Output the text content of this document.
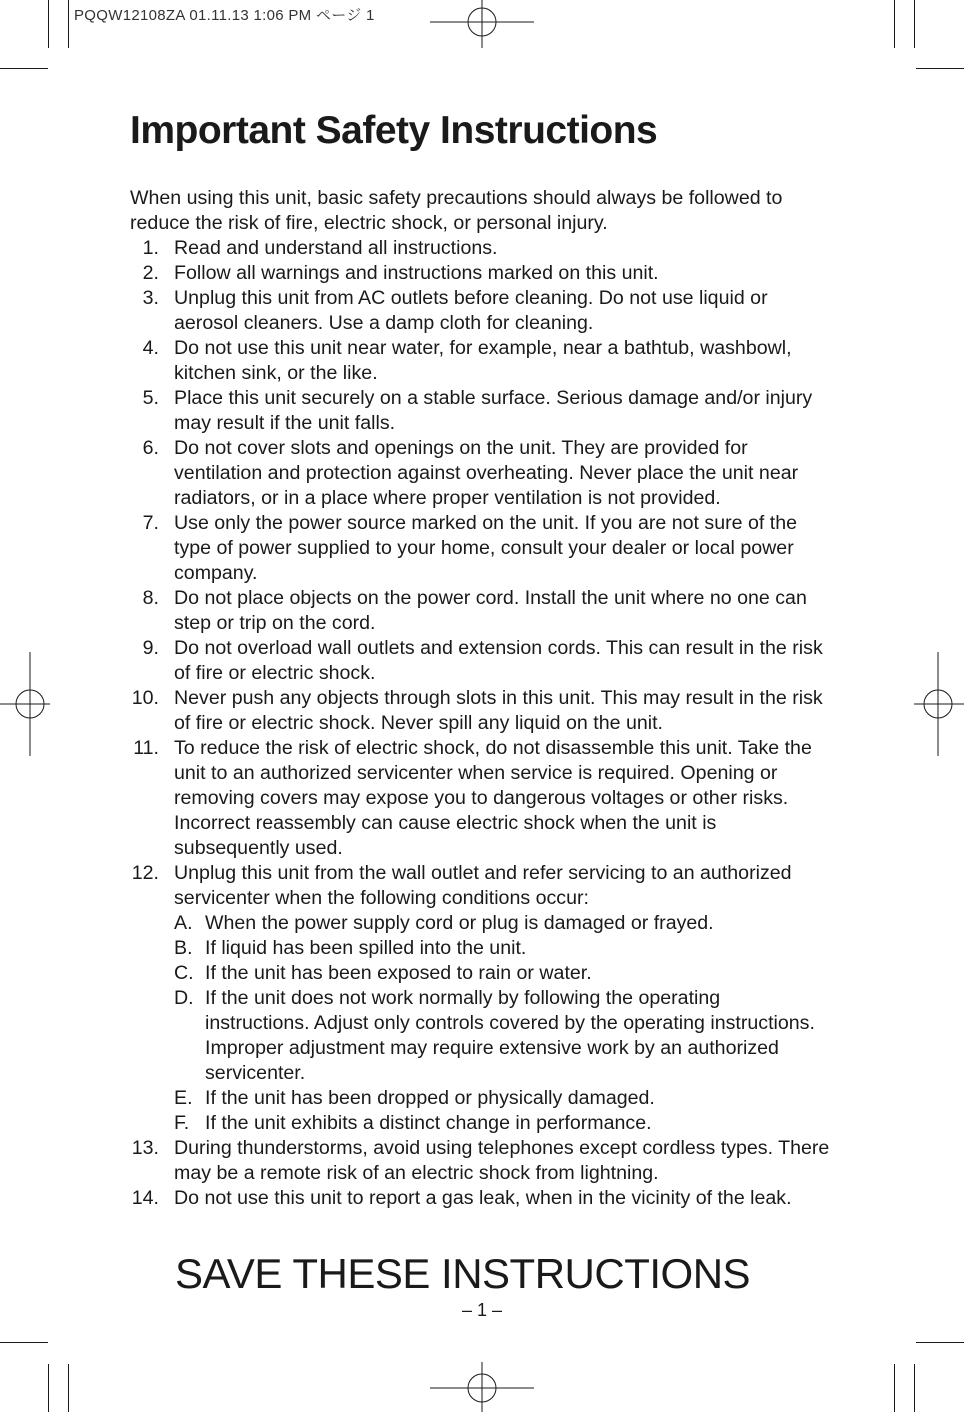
PQQW12108ZA 01.11.13 1:06 PM ページ 1
Important Safety Instructions

When using this unit, basic safety precautions should always be followed to reduce the risk of fire, electric shock, or personal injury.

1. Read and understand all instructions.
2. Follow all warnings and instructions marked on this unit.
3. Unplug this unit from AC outlets before cleaning. Do not use liquid or aerosol cleaners. Use a damp cloth for cleaning.
4. Do not use this unit near water, for example, near a bathtub, washbowl, kitchen sink, or the like.
5. Place this unit securely on a stable surface. Serious damage and/or injury may result if the unit falls.
6. Do not cover slots and openings on the unit. They are provided for ventilation and protection against overheating. Never place the unit near radiators, or in a place where proper ventilation is not provided.
7. Use only the power source marked on the unit. If you are not sure of the type of power supplied to your home, consult your dealer or local power company.
8. Do not place objects on the power cord. Install the unit where no one can step or trip on the cord.
9. Do not overload wall outlets and extension cords. This can result in the risk of fire or electric shock.
10. Never push any objects through slots in this unit. This may result in the risk of fire or electric shock. Never spill any liquid on the unit.
11. To reduce the risk of electric shock, do not disassemble this unit. Take the unit to an authorized servicenter when service is required. Opening or removing covers may expose you to dangerous voltages or other risks. Incorrect reassembly can cause electric shock when the unit is subsequently used.
12. Unplug this unit from the wall outlet and refer servicing to an authorized servicenter when the following conditions occur:
A. When the power supply cord or plug is damaged or frayed.
B. If liquid has been spilled into the unit.
C. If the unit has been exposed to rain or water.
D. If the unit does not work normally by following the operating instructions. Adjust only controls covered by the operating instructions. Improper adjustment may require extensive work by an authorized servicenter.
E. If the unit has been dropped or physically damaged.
F. If the unit exhibits a distinct change in performance.
13. During thunderstorms, avoid using telephones except cordless types. There may be a remote risk of an electric shock from lightning.
14. Do not use this unit to report a gas leak, when in the vicinity of the leak.
SAVE THESE INSTRUCTIONS
– 1 –
